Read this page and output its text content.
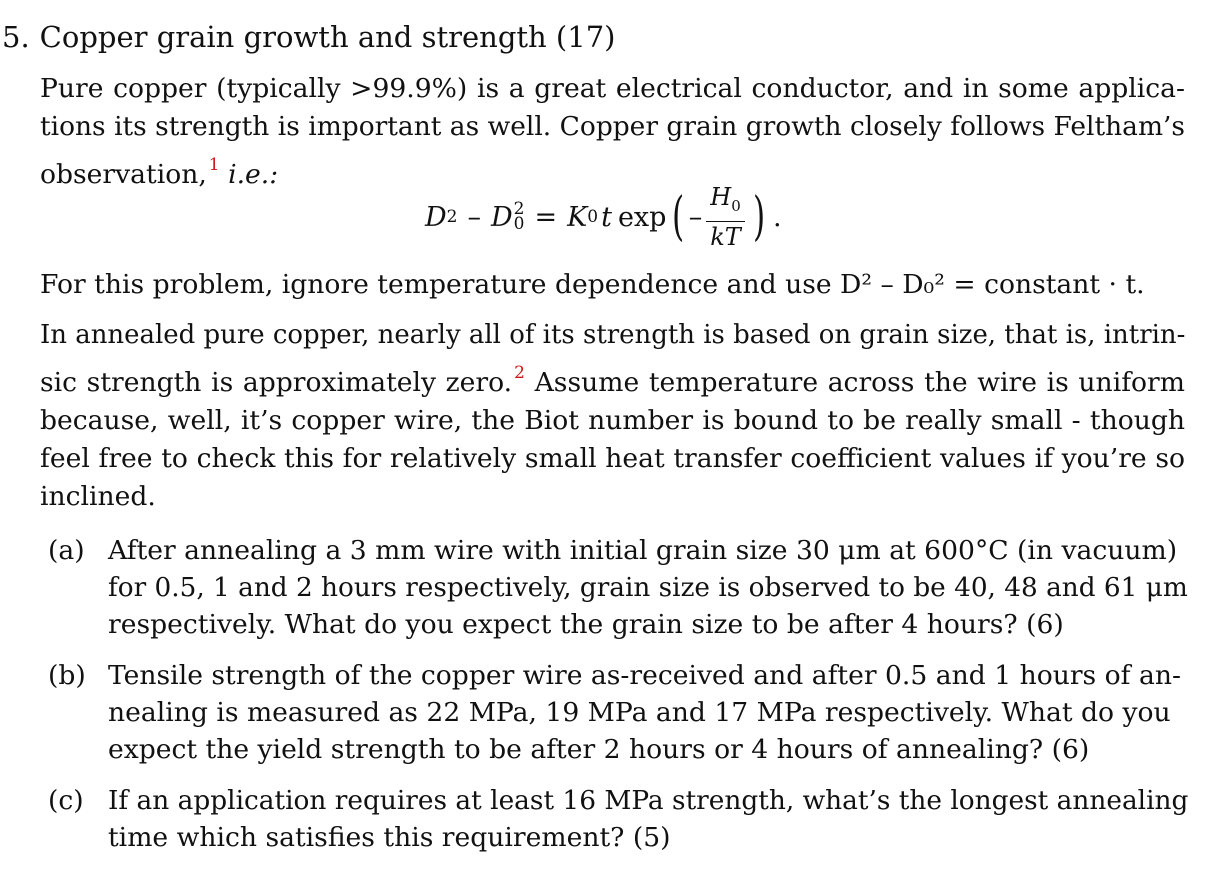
5. Copper grain growth and strength (17)
Pure copper (typically >99.9%) is a great electrical conductor, and in some applica-
tions its strength is important as well. Copper grain growth closely follows Feltham’s
observation, $^1$ i.e.:
D 2 – D 2
0 = K 0 t exp ( – $\frac{H_0}{kT}$ ) .
For this problem, ignore temperature dependence and use D² – D₀² = constant · t.
In annealed pure copper, nearly all of its strength is based on grain size, that is, intrin-
sic strength is approximately zero. $^2$ Assume temperature across the wire is uniform
because, well, it’s copper wire, the Biot number is bound to be really small - though
feel free to check this for relatively small heat transfer coefficient values if you’re so
inclined.
(a) After annealing a 3 mm wire with initial grain size 30 μm at 600°C (in vacuum)
for 0.5, 1 and 2 hours respectively, grain size is observed to be 40, 48 and 61 μm
respectively. What do you expect the grain size to be after 4 hours? (6)
(b) Tensile strength of the copper wire as-received and after 0.5 and 1 hours of an-
nealing is measured as 22 MPa, 19 MPa and 17 MPa respectively. What do you
expect the yield strength to be after 2 hours or 4 hours of annealing? (6)
(c) If an application requires at least 16 MPa strength, what’s the longest annealing
time which satisfies this requirement? (5)
